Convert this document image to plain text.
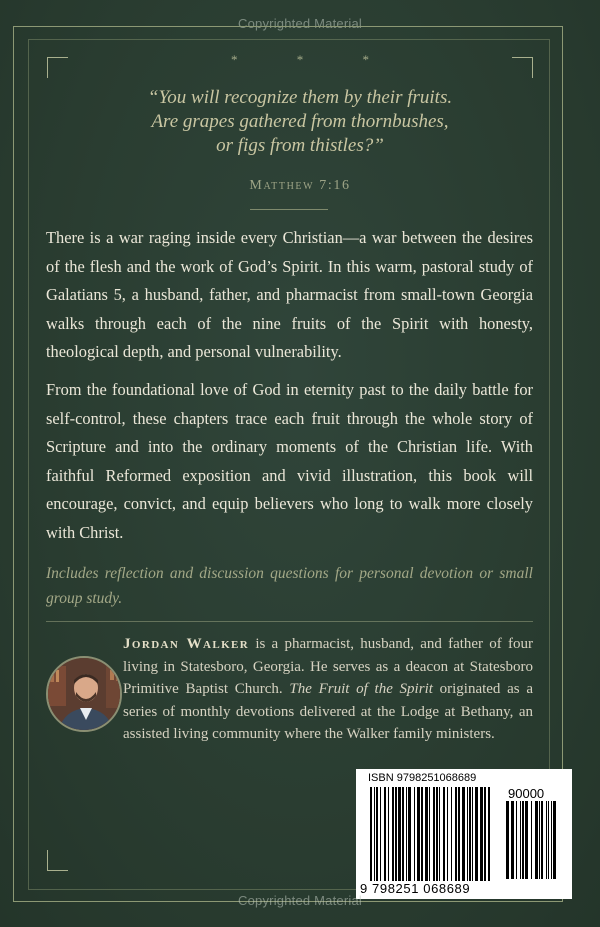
Copyrighted Material
*	*	*
“You will recognize them by their fruits.
Are grapes gathered from thornbushes,
or figs from thistles?”
Matthew 7:16

There is a war raging inside every Christian—a war between the desires of the flesh and the work of God’s Spirit. In this warm, pastoral study of Galatians 5, a husband, father, and pharmacist from small-town Georgia walks through each of the nine fruits of the Spirit with honesty, theological depth, and personal vulnerability.

From the foundational love of God in eternity past to the daily battle for self-control, these chapters trace each fruit through the whole story of Scripture and into the ordinary moments of the Christian life. With faithful Reformed exposition and vivid illustration, this book will encourage, convict, and equip believers who long to walk more closely with Christ.

Includes reflection and discussion questions for personal devotion or small group study.

Jordan Walker is a pharmacist, husband, and father of four living in Statesboro, Georgia. He serves as a deacon at Statesboro Primitive Baptist Church. The Fruit of the Spirit originated as a series of monthly devotions delivered at the Lodge at Bethany, an assisted living community where the Walker family ministers.

ISBN 9798251068689
90000
9 798251 068689
Copyrighted Material
